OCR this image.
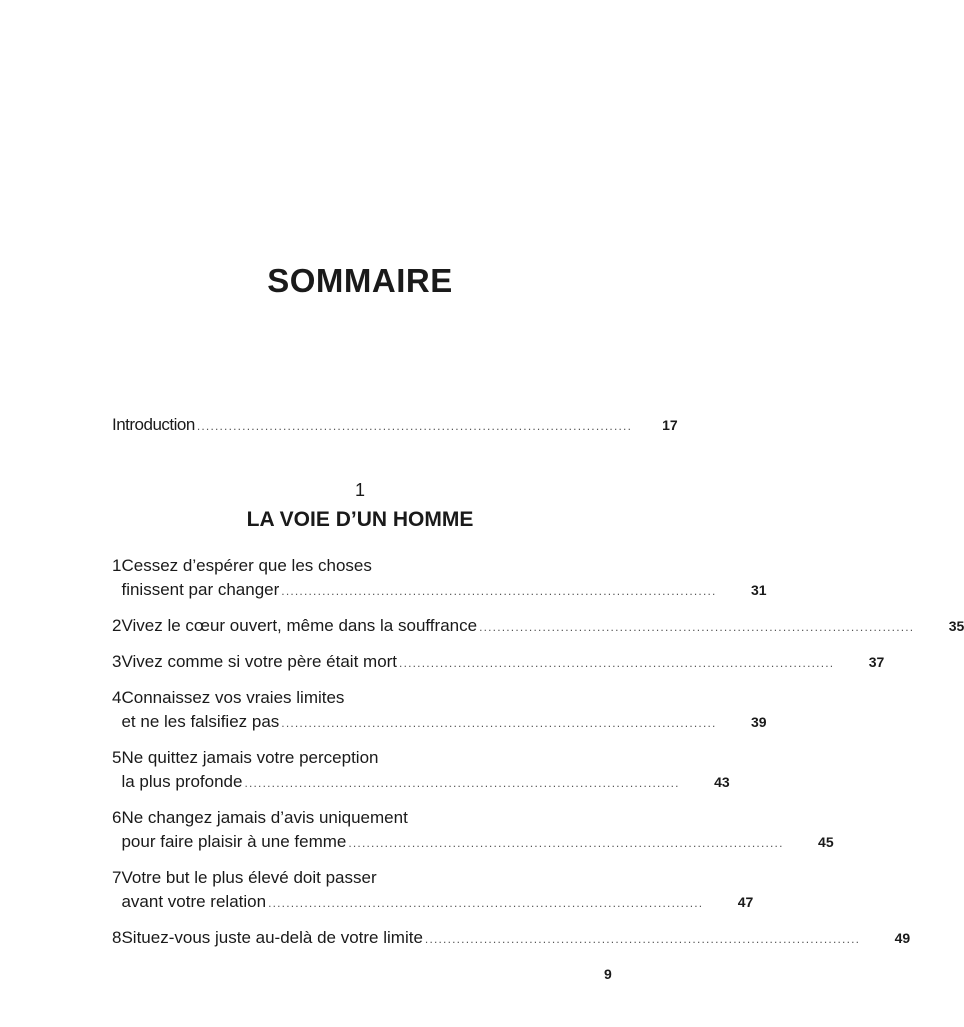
SOMMAIRE
Introduction ................................................................................................ 17
1
LA VOIE D’UN HOMME
1 Cessez d’espérer que les choses
finissent par changer ................................................................................................	31
2 Vivez le cœur ouvert, même dans la souffrance ................................................................................................	35
3 Vivez comme si votre père était mort ................................................................................................	37
4 Connaissez vos vraies limites
et ne les falsifiez pas ................................................................................................	39
5 Ne quittez jamais votre perception
la plus profonde ................................................................................................	43
6 Ne changez jamais d’avis uniquement
pour faire plaisir à une femme ................................................................................................	45
7 Votre but le plus élevé doit passer
avant votre relation ................................................................................................	47
8 Situez-vous juste au-delà de votre limite ................................................................................................	49
9
